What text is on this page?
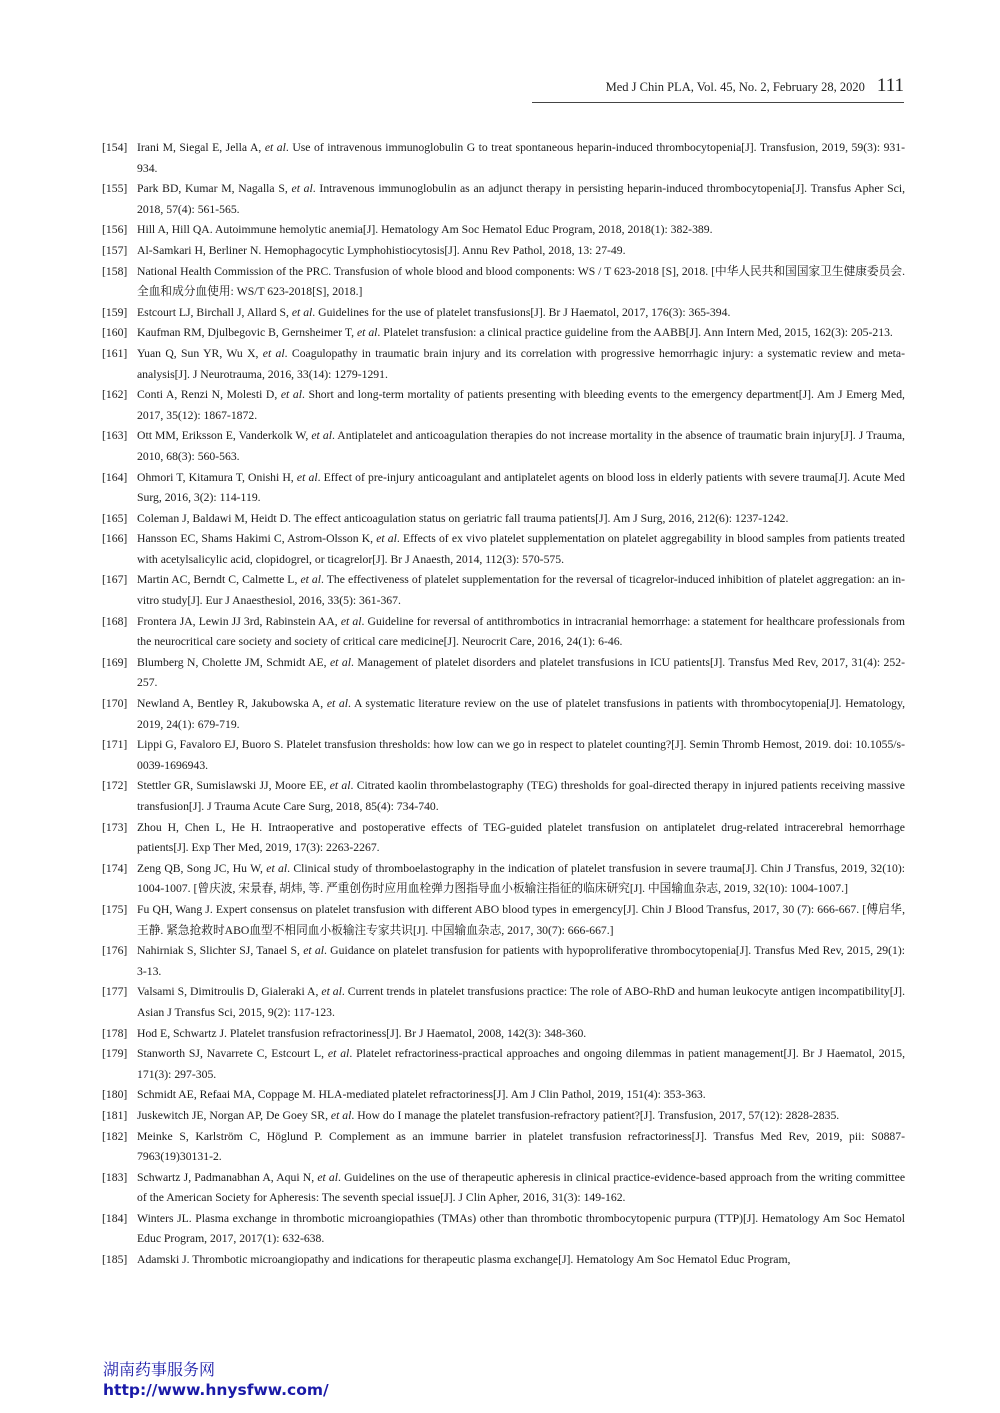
Med J Chin PLA, Vol. 45, No. 2, February 28, 2020 111
[154] Irani M, Siegal E, Jella A, et al. Use of intravenous immunoglobulin G to treat spontaneous heparin-induced thrombocytopenia[J]. Transfusion, 2019, 59(3): 931-934.
[155] Park BD, Kumar M, Nagalla S, et al. Intravenous immunoglobulin as an adjunct therapy in persisting heparin-induced thrombocytopenia[J]. Transfus Apher Sci, 2018, 57(4): 561-565.
[156] Hill A, Hill QA. Autoimmune hemolytic anemia[J]. Hematology Am Soc Hematol Educ Program, 2018, 2018(1): 382-389.
[157] Al-Samkari H, Berliner N. Hemophagocytic Lymphohistiocytosis[J]. Annu Rev Pathol, 2018, 13: 27-49.
[158] National Health Commission of the PRC. Transfusion of whole blood and blood components: WS / T 623-2018 [S], 2018. [中华人民共和国国家卫生健康委员会. 全血和成分血使用: WS/T 623-2018[S], 2018.]
[159] Estcourt LJ, Birchall J, Allard S, et al. Guidelines for the use of platelet transfusions[J]. Br J Haematol, 2017, 176(3): 365-394.
[160] Kaufman RM, Djulbegovic B, Gernsheimer T, et al. Platelet transfusion: a clinical practice guideline from the AABB[J]. Ann Intern Med, 2015, 162(3): 205-213.
[161] Yuan Q, Sun YR, Wu X, et al. Coagulopathy in traumatic brain injury and its correlation with progressive hemorrhagic injury: a systematic review and meta-analysis[J]. J Neurotrauma, 2016, 33(14): 1279-1291.
[162] Conti A, Renzi N, Molesti D, et al. Short and long-term mortality of patients presenting with bleeding events to the emergency department[J]. Am J Emerg Med, 2017, 35(12): 1867-1872.
[163] Ott MM, Eriksson E, Vanderkolk W, et al. Antiplatelet and anticoagulation therapies do not increase mortality in the absence of traumatic brain injury[J]. J Trauma, 2010, 68(3): 560-563.
[164] Ohmori T, Kitamura T, Onishi H, et al. Effect of pre-injury anticoagulant and antiplatelet agents on blood loss in elderly patients with severe trauma[J]. Acute Med Surg, 2016, 3(2): 114-119.
[165] Coleman J, Baldawi M, Heidt D. The effect anticoagulation status on geriatric fall trauma patients[J]. Am J Surg, 2016, 212(6): 1237-1242.
[166] Hansson EC, Shams Hakimi C, Astrom-Olsson K, et al. Effects of ex vivo platelet supplementation on platelet aggregability in blood samples from patients treated with acetylsalicylic acid, clopidogrel, or ticagrelor[J]. Br J Anaesth, 2014, 112(3): 570-575.
[167] Martin AC, Berndt C, Calmette L, et al. The effectiveness of platelet supplementation for the reversal of ticagrelor-induced inhibition of platelet aggregation: an in-vitro study[J]. Eur J Anaesthesiol, 2016, 33(5): 361-367.
[168] Frontera JA, Lewin JJ 3rd, Rabinstein AA, et al. Guideline for reversal of antithrombotics in intracranial hemorrhage: a statement for healthcare professionals from the neurocritical care society and society of critical care medicine[J]. Neurocrit Care, 2016, 24(1): 6-46.
[169] Blumberg N, Cholette JM, Schmidt AE, et al. Management of platelet disorders and platelet transfusions in ICU patients[J]. Transfus Med Rev, 2017, 31(4): 252-257.
[170] Newland A, Bentley R, Jakubowska A, et al. A systematic literature review on the use of platelet transfusions in patients with thrombocytopenia[J]. Hematology, 2019, 24(1): 679-719.
[171] Lippi G, Favaloro EJ, Buoro S. Platelet transfusion thresholds: how low can we go in respect to platelet counting?[J]. Semin Thromb Hemost, 2019. doi: 10.1055/s-0039-1696943.
[172] Stettler GR, Sumislawski JJ, Moore EE, et al. Citrated kaolin thrombelastography (TEG) thresholds for goal-directed therapy in injured patients receiving massive transfusion[J]. J Trauma Acute Care Surg, 2018, 85(4): 734-740.
[173] Zhou H, Chen L, He H. Intraoperative and postoperative effects of TEG-guided platelet transfusion on antiplatelet drug-related intracerebral hemorrhage patients[J]. Exp Ther Med, 2019, 17(3): 2263-2267.
[174] Zeng QB, Song JC, Hu W, et al. Clinical study of thromboelastography in the indication of platelet transfusion in severe trauma[J]. Chin J Transfus, 2019, 32(10): 1004-1007. [曾庆波, 宋景春, 胡炜, 等. 严重创伤时应用血栓弹力图指导血小板输注指征的临床研究[J]. 中国输血杂志, 2019, 32(10): 1004-1007.]
[175] Fu QH, Wang J. Expert consensus on platelet transfusion with different ABO blood types in emergency[J]. Chin J Blood Transfus, 2017, 30 (7): 666-667. [傅启华, 王静. 紧急抢救时ABO血型不相同血小板输注专家共识[J]. 中国输血杂志, 2017, 30(7): 666-667.]
[176] Nahirniak S, Slichter SJ, Tanael S, et al. Guidance on platelet transfusion for patients with hypoproliferative thrombocytopenia[J]. Transfus Med Rev, 2015, 29(1): 3-13.
[177] Valsami S, Dimitroulis D, Gialeraki A, et al. Current trends in platelet transfusions practice: The role of ABO-RhD and human leukocyte antigen incompatibility[J]. Asian J Transfus Sci, 2015, 9(2): 117-123.
[178] Hod E, Schwartz J. Platelet transfusion refractoriness[J]. Br J Haematol, 2008, 142(3): 348-360.
[179] Stanworth SJ, Navarrete C, Estcourt L, et al. Platelet refractoriness-practical approaches and ongoing dilemmas in patient management[J]. Br J Haematol, 2015, 171(3): 297-305.
[180] Schmidt AE, Refaai MA, Coppage M. HLA-mediated platelet refractoriness[J]. Am J Clin Pathol, 2019, 151(4): 353-363.
[181] Juskewitch JE, Norgan AP, De Goey SR, et al. How do I manage the platelet transfusion-refractory patient?[J]. Transfusion, 2017, 57(12): 2828-2835.
[182] Meinke S, Karlström C, Höglund P. Complement as an immune barrier in platelet transfusion refractoriness[J]. Transfus Med Rev, 2019, pii: S0887-7963(19)30131-2.
[183] Schwartz J, Padmanabhan A, Aqui N, et al. Guidelines on the use of therapeutic apheresis in clinical practice-evidence-based approach from the writing committee of the American Society for Apheresis: The seventh special issue[J]. J Clin Apher, 2016, 31(3): 149-162.
[184] Winters JL. Plasma exchange in thrombotic microangiopathies (TMAs) other than thrombotic thrombocytopenic purpura (TTP)[J]. Hematology Am Soc Hematol Educ Program, 2017, 2017(1): 632-638.
[185] Adamski J. Thrombotic microangiopathy and indications for therapeutic plasma exchange[J]. Hematology Am Soc Hematol Educ Program,
湖南药事服务网
http://www.hnysfww.com/
